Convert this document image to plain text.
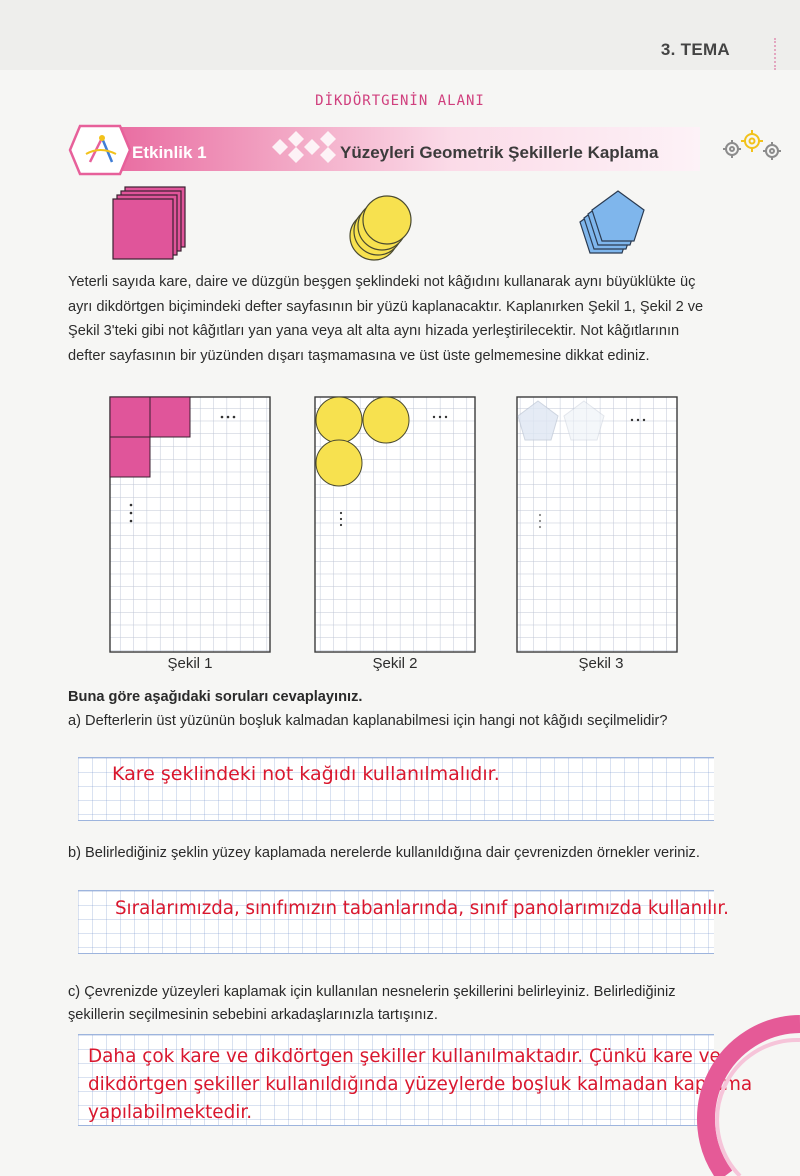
3. TEMA
DİKDÖRTGENİN ALANI
Etkinlik 1	Yüzeyleri Geometrik Şekillerle Kaplama

Yeterli sayıda kare, daire ve düzgün beşgen şeklindeki not kâğıdını kullanarak aynı büyüklükte üç ayrı dikdörtgen biçimindeki defter sayfasının bir yüzü kaplanacaktır. Kaplanırken Şekil 1, Şekil 2 ve Şekil 3'teki gibi not kâğıtları yan yana veya alt alta aynı hizada yerleştirilecektir. Not kâğıtlarının defter sayfasının bir yüzünden dışarı taşmamasına ve üst üste gelmemesine dikkat ediniz.

Şekil 1	Şekil 2	Şekil 3
Buna göre aşağıdaki soruları cevaplayınız.

a) Defterlerin üst yüzünün boşluk kalmadan kaplanabilmesi için hangi not kâğıdı seçilmelidir?

Kare şeklindeki not kağıdı kullanılmalıdır.

b) Belirlediğiniz şeklin yüzey kaplamada nerelerde kullanıldığına dair çevrenizden örnekler veriniz.

Sıralarımızda, sınıfımızın tabanlarında, sınıf panolarımızda kullanılır.

c) Çevrenizde yüzeyleri kaplamak için kullanılan nesnelerin şekillerini belirleyiniz. Belirlediğiniz şekillerin seçilmesinin sebebini arkadaşlarınızla tartışınız.

Daha çok kare ve dikdörtgen şekiller kullanılmaktadır. Çünkü kare ve dikdörtgen şekiller kullanıldığında yüzeylerde boşluk kalmadan kaplama yapılabilmektedir.
